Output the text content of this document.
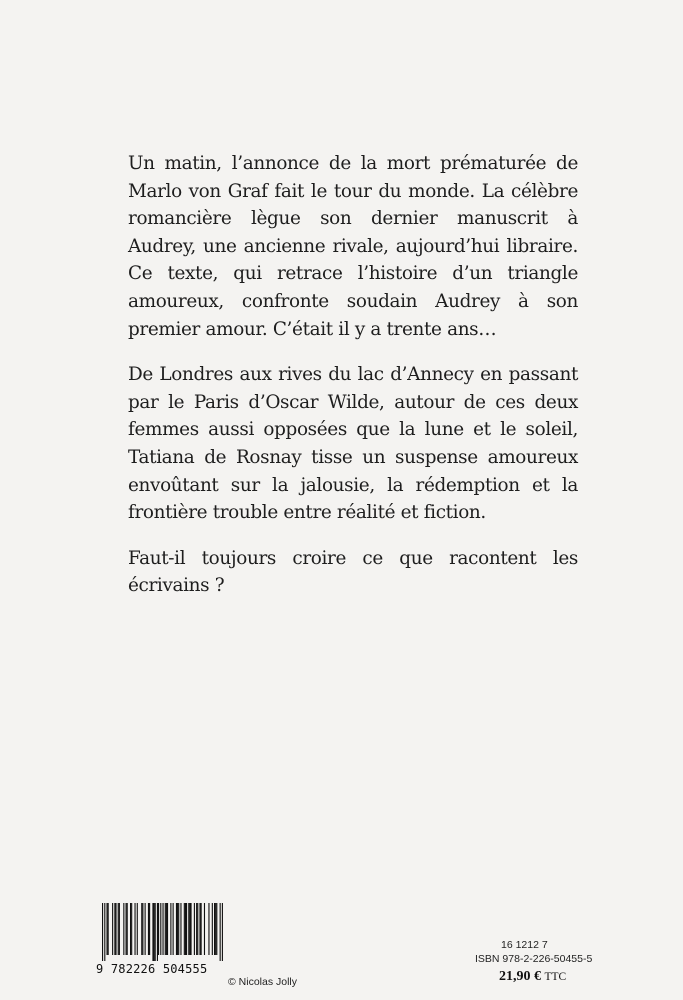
Un matin, l’annonce de la mort prématurée de Marlo von Graf fait le tour du monde. La célèbre romancière lègue son dernier manuscrit à Audrey, une ancienne rivale, aujourd’hui libraire. Ce texte, qui retrace l’histoire d’un triangle amoureux, confronte soudain Audrey à son premier amour. C’était il y a trente ans…

De Londres aux rives du lac d’Annecy en passant par le Paris d’Oscar Wilde, autour de ces deux femmes aussi opposées que la lune et le soleil, Tatiana de Rosnay tisse un suspense amoureux envoûtant sur la jalousie, la rédemption et la frontière trouble entre réalité et fiction.

Faut-il toujours croire ce que racontent les écrivains ?

9 782226 504555
© Nicolas Jolly
16 1212 7
ISBN 978-2-226-50455-5
21,90 € TTC
